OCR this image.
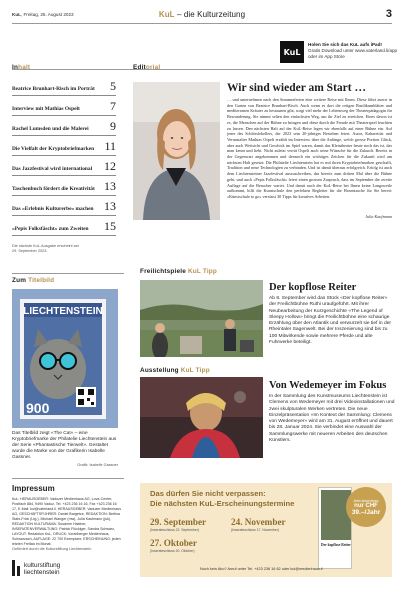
KuL, Freitag, 25. August 2023	KuL – die Kulturzeitung	3
KuL
Holen Sie sich das KuL aufs iPad!
Gratis Download unter www.vaterland.li/app
oder im App Store
Inhalt
Beatrice Brunhart-Risch im Porträt 5
Interview mit Mathias Ospelt	7
Rachel Lumsden und die Malerei 9
Die Vielfalt der Kryptobriefmarken 11
Das Jazzfestival wird international 12
Taschenbuch fördert die Kreativität 13
Das «Erlebnis Kulturerbe» machen 13
«Pepis Folksfäscht» zum Zweiten 15
Die nächste KuL-Ausgabe erscheint am 29. September 2023.
Editorial
Wir sind wieder am Start …
… und unternehmen nach den Sommerferien eine weitere Reise mit Ihnen. Diese führt zuerst in den Garten von Beatrice Brunhart-Risch. Auch wenn es dort die ortigen Basilikumblätter und mediterranen Kräuter zu bestaunen gibt, sorgt viel mehr der Lebensweg der Theaterpädagogin für Bewunderung. Sie nimmt selten den einfachsten Weg, um ihr Ziel zu erreichen. Eines davon ist es, die Menschen auf der Bühne zu bringen und diese durch die Freude mit Theaterspiel leuchten zu lassen. Den nächsten Halt auf der KuL-Reise legen wir ebenfalls auf einer Bühne ein. Auf jener des Schlösslekellers, der 2023 sein 20-jähriges Bestehen feiert. Autor, Kabarettist und Veranstalter Mathias Ospelt erzählt im Interview über die Anfänge, welch grosse Portion Glück, aber auch Weitsicht und Geschick im Spiel waren, damit das Kleintheater heute noch das ist, das man kennt und liebt. Nicht zuletzt verrät Ospelt auch seine Wünsche für die Zukunft. Bereits in der Gegenwart angekommen und dennoch ein wichtiges Zeichen für die Zukunft wird am nächsten Halt gesetzt: Die Philatelie Liechtenstein hat es mit ihren Kryptobriefmarken geschafft, Tradition und neue Technologien zu verbinden. Und ist damit überaus erfolgreich. Erfolg ist auch dem Liechtensteiner Jazzfestival auszuschreiben, das bereits zum dritten Mal über die Bühne geht, und auch «Pepis Folksfäscht» feiert einen grossen Zuspruch, dass im September die zweite Auflage auf die Besucher wartet. Und damit nach der KuL-Reise bei Ihnen keine Langeweile aufkommt, hilft die Kunstschule den perfekten Begleiter für die Hosentasche für Sie bereit: «Künstschule to go» versüsst 30 Tipps für kreatives Arbeiten.
Julia Kaufmann
Zum Titelbild
LIECHTENSTEIN
900
Das Titelbild zeigt «The Cat» – eine Kryptobriefmarke der Philatelie Liechtenstein aus der Serie «Phantastische Tierwelt». Gestaltet wurde die Marke von der Grafikerin Isabelle Gassner.
Grafik: Isabelle Gassner
Freilichtspiele KuL Tipp
Der kopflose Reiter
Ab 8. September wird das Stück «Der kopflose Reiter» der Freilichtbühne Ruthi uraufgeführt. Mit ihrer Neubearbeitung der Kurzgeschichte «The Legend of Sleepy Hollow» bringt die Freilichtbühne eine schaurige Erzählung über den Atlantik und verwurzelt sie tief in der Rheintaler Sagenwelt. Bei der Inszenierung sind bis zu 100 Mitwirkende sowie mehrere Pferde und alte Fuhrwerke beteiligt.
Ausstellung KuL Tipp
Von Wedemeyer im Fokus
In der Sammlung des Kunstmuseums Liechtenstein ist Clemens von Wedemeyer mit drei Videoinstallationen und zwei skulpturalen Werken vertreten. Die neue Einzelpräsentation «Im Kontext der Sammlung: Clemens von Wedemeyer» wird am 31. August eröffnet und dauert bis 28. Januar 2024. Sie verbindet eine Auswahl der Sammlungswerke mit neueren Arbeiten des deutschen Künstlers.
Impressum
KuL: HERAUSGEBER: Vaduzer Medienhaus AG, Lova-Center, Postfach 884, 9490 Vaduz, Tel. +423 236 16 16, Fax +423 236 16 17, E-Mail: kul@vaterland.li. HERAUSGEBER: Vaduzer Medienhaus AG, GESCHÄFTSFÜHRER: Daniel Bargetze, REDAKTION: Bettina Stahl-Frick (Ltg.), Michael Wanger (mw), Julia Kaufmann (juk), REDAKTION KULTURAMA: Susanne Haldner, INSERATENVERWALTUNG: Patrick Flückiger, Sandra Schwarz, LAYOUT: Redaktion KuL, DRUCK: Vorarlberger Medienhaus, Schwarzach, AUFLAGE: 22 700 Exemplare, ERSCHEINUNG: jeden letzten Freitag im Monat.
Gefördert durch die Kulturstiftung Liechtenstein
kulturstiftung
liechtenstein
Das dürfen Sie nicht verpassen:
Die nächsten KuL-Erscheinungstermine
29. September
(Inserateschluss 22. September)
24. November
(Inserateschluss 17. November)
27. Oktober
(Inserateschluss 20. Oktober)
Der kopflose Reiter
Jetzt abonnieren
nur CHF
39.–/Jahr
Noch kein Abo? Anruf unter Tel. +423 236 16 62 oder kul@medienhaus.li
